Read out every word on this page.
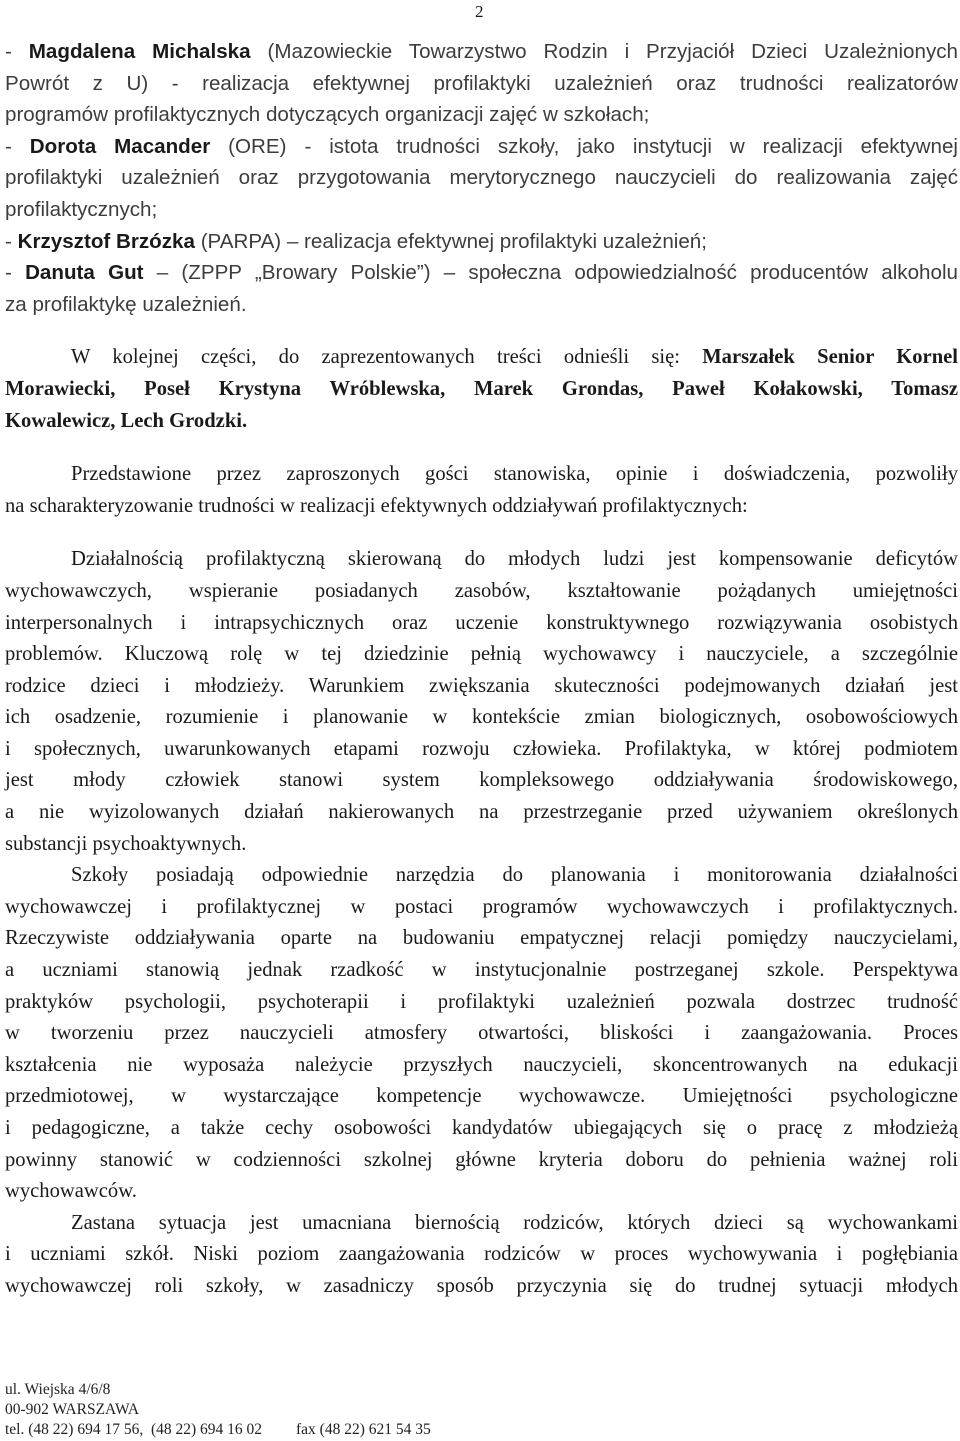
2
- Magdalena Michalska (Mazowieckie Towarzystwo Rodzin i Przyjaciół Dzieci Uzależnionych
Powrót z U) - realizacja efektywnej profilaktyki uzależnień oraz trudności realizatorów
programów profilaktycznych dotyczących organizacji zajęć w szkołach;
- Dorota Macander (ORE) - istota trudności szkoły, jako instytucji w realizacji efektywnej
profilaktyki uzależnień oraz przygotowania merytorycznego nauczycieli do realizowania zajęć
profilaktycznych;
- Krzysztof Brzózka (PARPA) – realizacja efektywnej profilaktyki uzależnień;
- Danuta Gut – (ZPPP „Browary Polskie”) – społeczna odpowiedzialność producentów alkoholu
za profilaktykę uzależnień.
W kolejnej części, do zaprezentowanych treści odnieśli się: Marszałek Senior Kornel
Morawiecki, Poseł Krystyna Wróblewska, Marek Grondas, Paweł Kołakowski, Tomasz
Kowalewicz, Lech Grodzki.
Przedstawione przez zaproszonych gości stanowiska, opinie i doświadczenia, pozwoliły
na scharakteryzowanie trudności w realizacji efektywnych oddziaływań profilaktycznych:
Działalnością profilaktyczną skierowaną do młodych ludzi jest kompensowanie deficytów
wychowawczych, wspieranie posiadanych zasobów, kształtowanie pożądanych umiejętności
interpersonalnych i intrapsychicznych oraz uczenie konstruktywnego rozwiązywania osobistych
problemów. Kluczową rolę w tej dziedzinie pełnią wychowawcy i nauczyciele, a szczególnie
rodzice dzieci i młodzieży. Warunkiem zwiększania skuteczności podejmowanych działań jest
ich osadzenie, rozumienie i planowanie w kontekście zmian biologicznych, osobowościowych
i społecznych, uwarunkowanych etapami rozwoju człowieka. Profilaktyka, w której podmiotem
jest młody człowiek stanowi system kompleksowego oddziaływania środowiskowego,
a nie wyizolowanych działań nakierowanych na przestrzeganie przed używaniem określonych
substancji psychoaktywnych.
Szkoły posiadają odpowiednie narzędzia do planowania i monitorowania działalności
wychowawczej i profilaktycznej w postaci programów wychowawczych i profilaktycznych.
Rzeczywiste oddziaływania oparte na budowaniu empatycznej relacji pomiędzy nauczycielami,
a uczniami stanowią jednak rzadkość w instytucjonalnie postrzeganej szkole. Perspektywa
praktyków psychologii, psychoterapii i profilaktyki uzależnień pozwala dostrzec trudność
w tworzeniu przez nauczycieli atmosfery otwartości, bliskości i zaangażowania. Proces
kształcenia nie wyposaża należycie przyszłych nauczycieli, skoncentrowanych na edukacji
przedmiotowej, w wystarczające kompetencje wychowawcze. Umiejętności psychologiczne
i pedagogiczne, a także cechy osobowości kandydatów ubiegających się o pracę z młodzieżą
powinny stanowić w codzienności szkolnej główne kryteria doboru do pełnienia ważnej roli
wychowawców.
Zastana sytuacja jest umacniana biernością rodziców, których dzieci są wychowankami
i uczniami szkół. Niski poziom zaangażowania rodziców w proces wychowywania i pogłębiania
wychowawczej roli szkoły, w zasadniczy sposób przyczynia się do trudnej sytuacji młodych
ul. Wiejska 4/6/8
00-902 WARSZAWA
tel. (48 22) 694 17 56,  (48 22) 694 16 02 fax (48 22) 621 54 35
